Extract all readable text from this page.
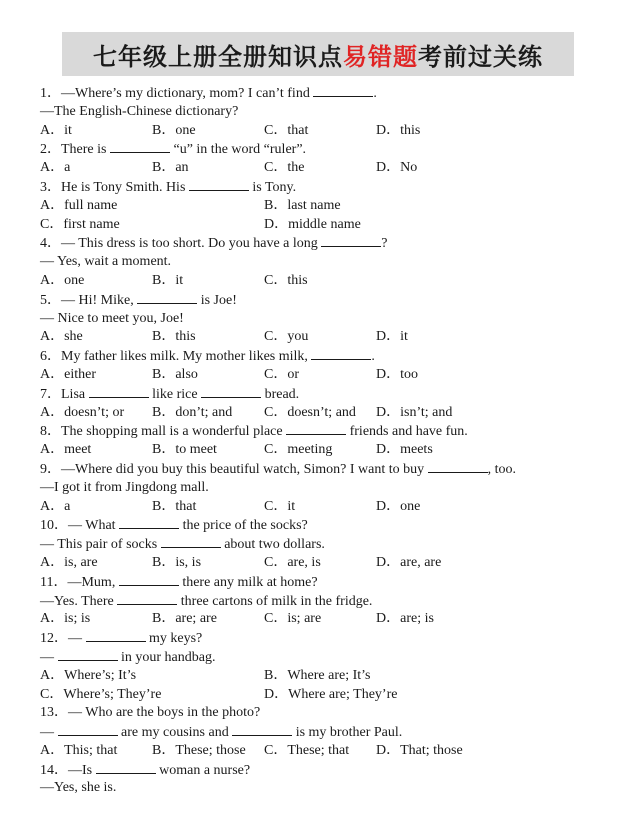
七年级上册全册知识点 易错题 考前过关练
1．—Where’s my dictionary, mom? I can’t find	.
—The English-Chinese dictionary?
A．it	B．one	C．that	D．this
2．There is	“u” in the word “ruler”.
A．a	B．an	C．the	D．No
3．He is Tony Smith. His	is Tony.
A．full name	B．last name
C．first name	D．middle name
4．— This dress is too short. Do you have a long	?
— Yes, wait a moment.
A．one	B．it	C．this
5．— Hi! Mike,	is Joe!
— Nice to meet you, Joe!
A．she	B．this	C．you	D．it
6．My father likes milk. My mother likes milk,	.
A．either	B．also	C．or	D．too
7．Lisa	like rice	bread.
A．doesn’t; or B．don’t; and C．doesn’t; and D．isn’t; and
8．The shopping mall is a wonderful place	friends and have fun.
A．meet	B．to meet	C．meeting	D．meets
9．—Where did you buy this beautiful watch, Simon? I want to buy	, too.
—I got it from Jingdong mall.
A．a	B．that	C．it	D．one
10．— What	the price of the socks?
— This pair of socks	about two dollars.
A．is, are	B．is, is	C．are, is	D．are, are
11．—Mum,	there any milk at home?
—Yes. There	three cartons of milk in the fridge.
A．is; is	B．are; are	C．is; are	D．are; is
12．—	my keys?
—	in your handbag.
A．Where’s; It’s	B．Where are; It’s
C．Where’s; They’re	D．Where are; They’re
13．— Who are the boys in the photo?
—	are my cousins and	is my brother Paul.
A．This; that B．These; those C．These; that D．That; those
14．—Is	woman a nurse?
—Yes, she is.
